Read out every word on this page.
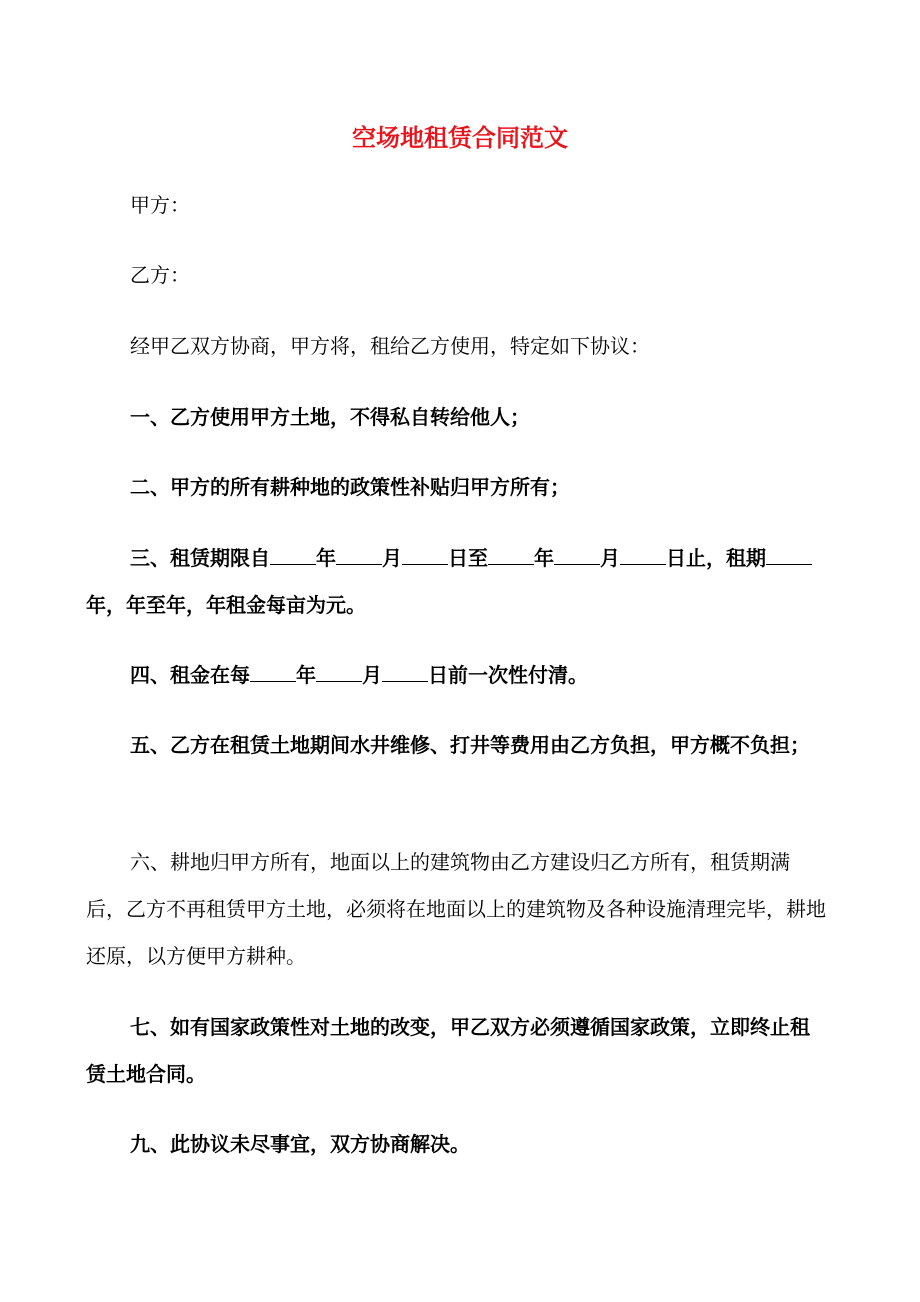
空场地租赁合同范文
甲方：
乙方：
经甲乙双方协商，甲方将，租给乙方使用，特定如下协议：
一、乙方使用甲方土地，不得私自转给他人；
二、甲方的所有耕种地的政策性补贴归甲方所有；
三、租赁期限自 年 月 日至 年 月 日止，租期年，年至年，年租金每亩为元。
四、租金在每 年 月 日前一次性付清。
五、乙方在租赁土地期间水井维修、打井等费用由乙方负担，甲方概不负担；
六、耕地归甲方所有，地面以上的建筑物由乙方建设归乙方所有，租赁期满后，乙方不再租赁甲方土地，必须将在地面以上的建筑物及各种设施清理完毕，耕地还原，以方便甲方耕种。
七、如有国家政策性对土地的改变，甲乙双方必须遵循国家政策，立即终止租赁土地合同。
九、此协议未尽事宜，双方协商解决。
